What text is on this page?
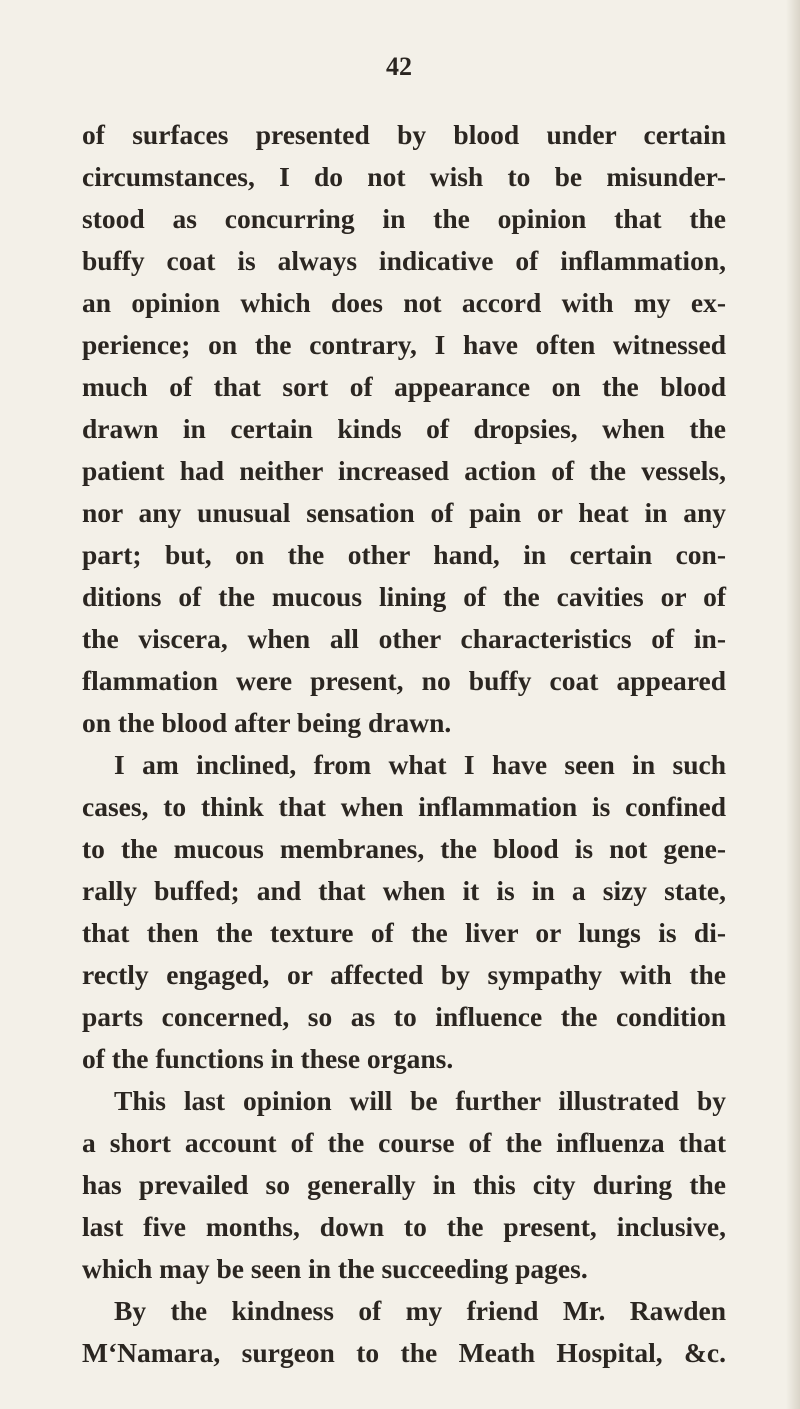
42
of surfaces presented by blood under certain
circumstances, I do not wish to be misunder-
stood as concurring in the opinion that the
buffy coat is always indicative of inflammation,
an opinion which does not accord with my ex-
perience; on the contrary, I have often witnessed
much of that sort of appearance on the blood
drawn in certain kinds of dropsies, when the
patient had neither increased action of the vessels,
nor any unusual sensation of pain or heat in any
part; but, on the other hand, in certain con-
ditions of the mucous lining of the cavities or of
the viscera, when all other characteristics of in-
flammation were present, no buffy coat appeared
on the blood after being drawn.
I am inclined, from what I have seen in such
cases, to think that when inflammation is confined
to the mucous membranes, the blood is not gene-
rally buffed; and that when it is in a sizy state,
that then the texture of the liver or lungs is di-
rectly engaged, or affected by sympathy with the
parts concerned, so as to influence the condition
of the functions in these organs.
This last opinion will be further illustrated by
a short account of the course of the influenza that
has prevailed so generally in this city during the
last five months, down to the present, inclusive,
which may be seen in the succeeding pages.
By the kindness of my friend Mr. Rawden
M‘Namara, surgeon to the Meath Hospital, &c.
